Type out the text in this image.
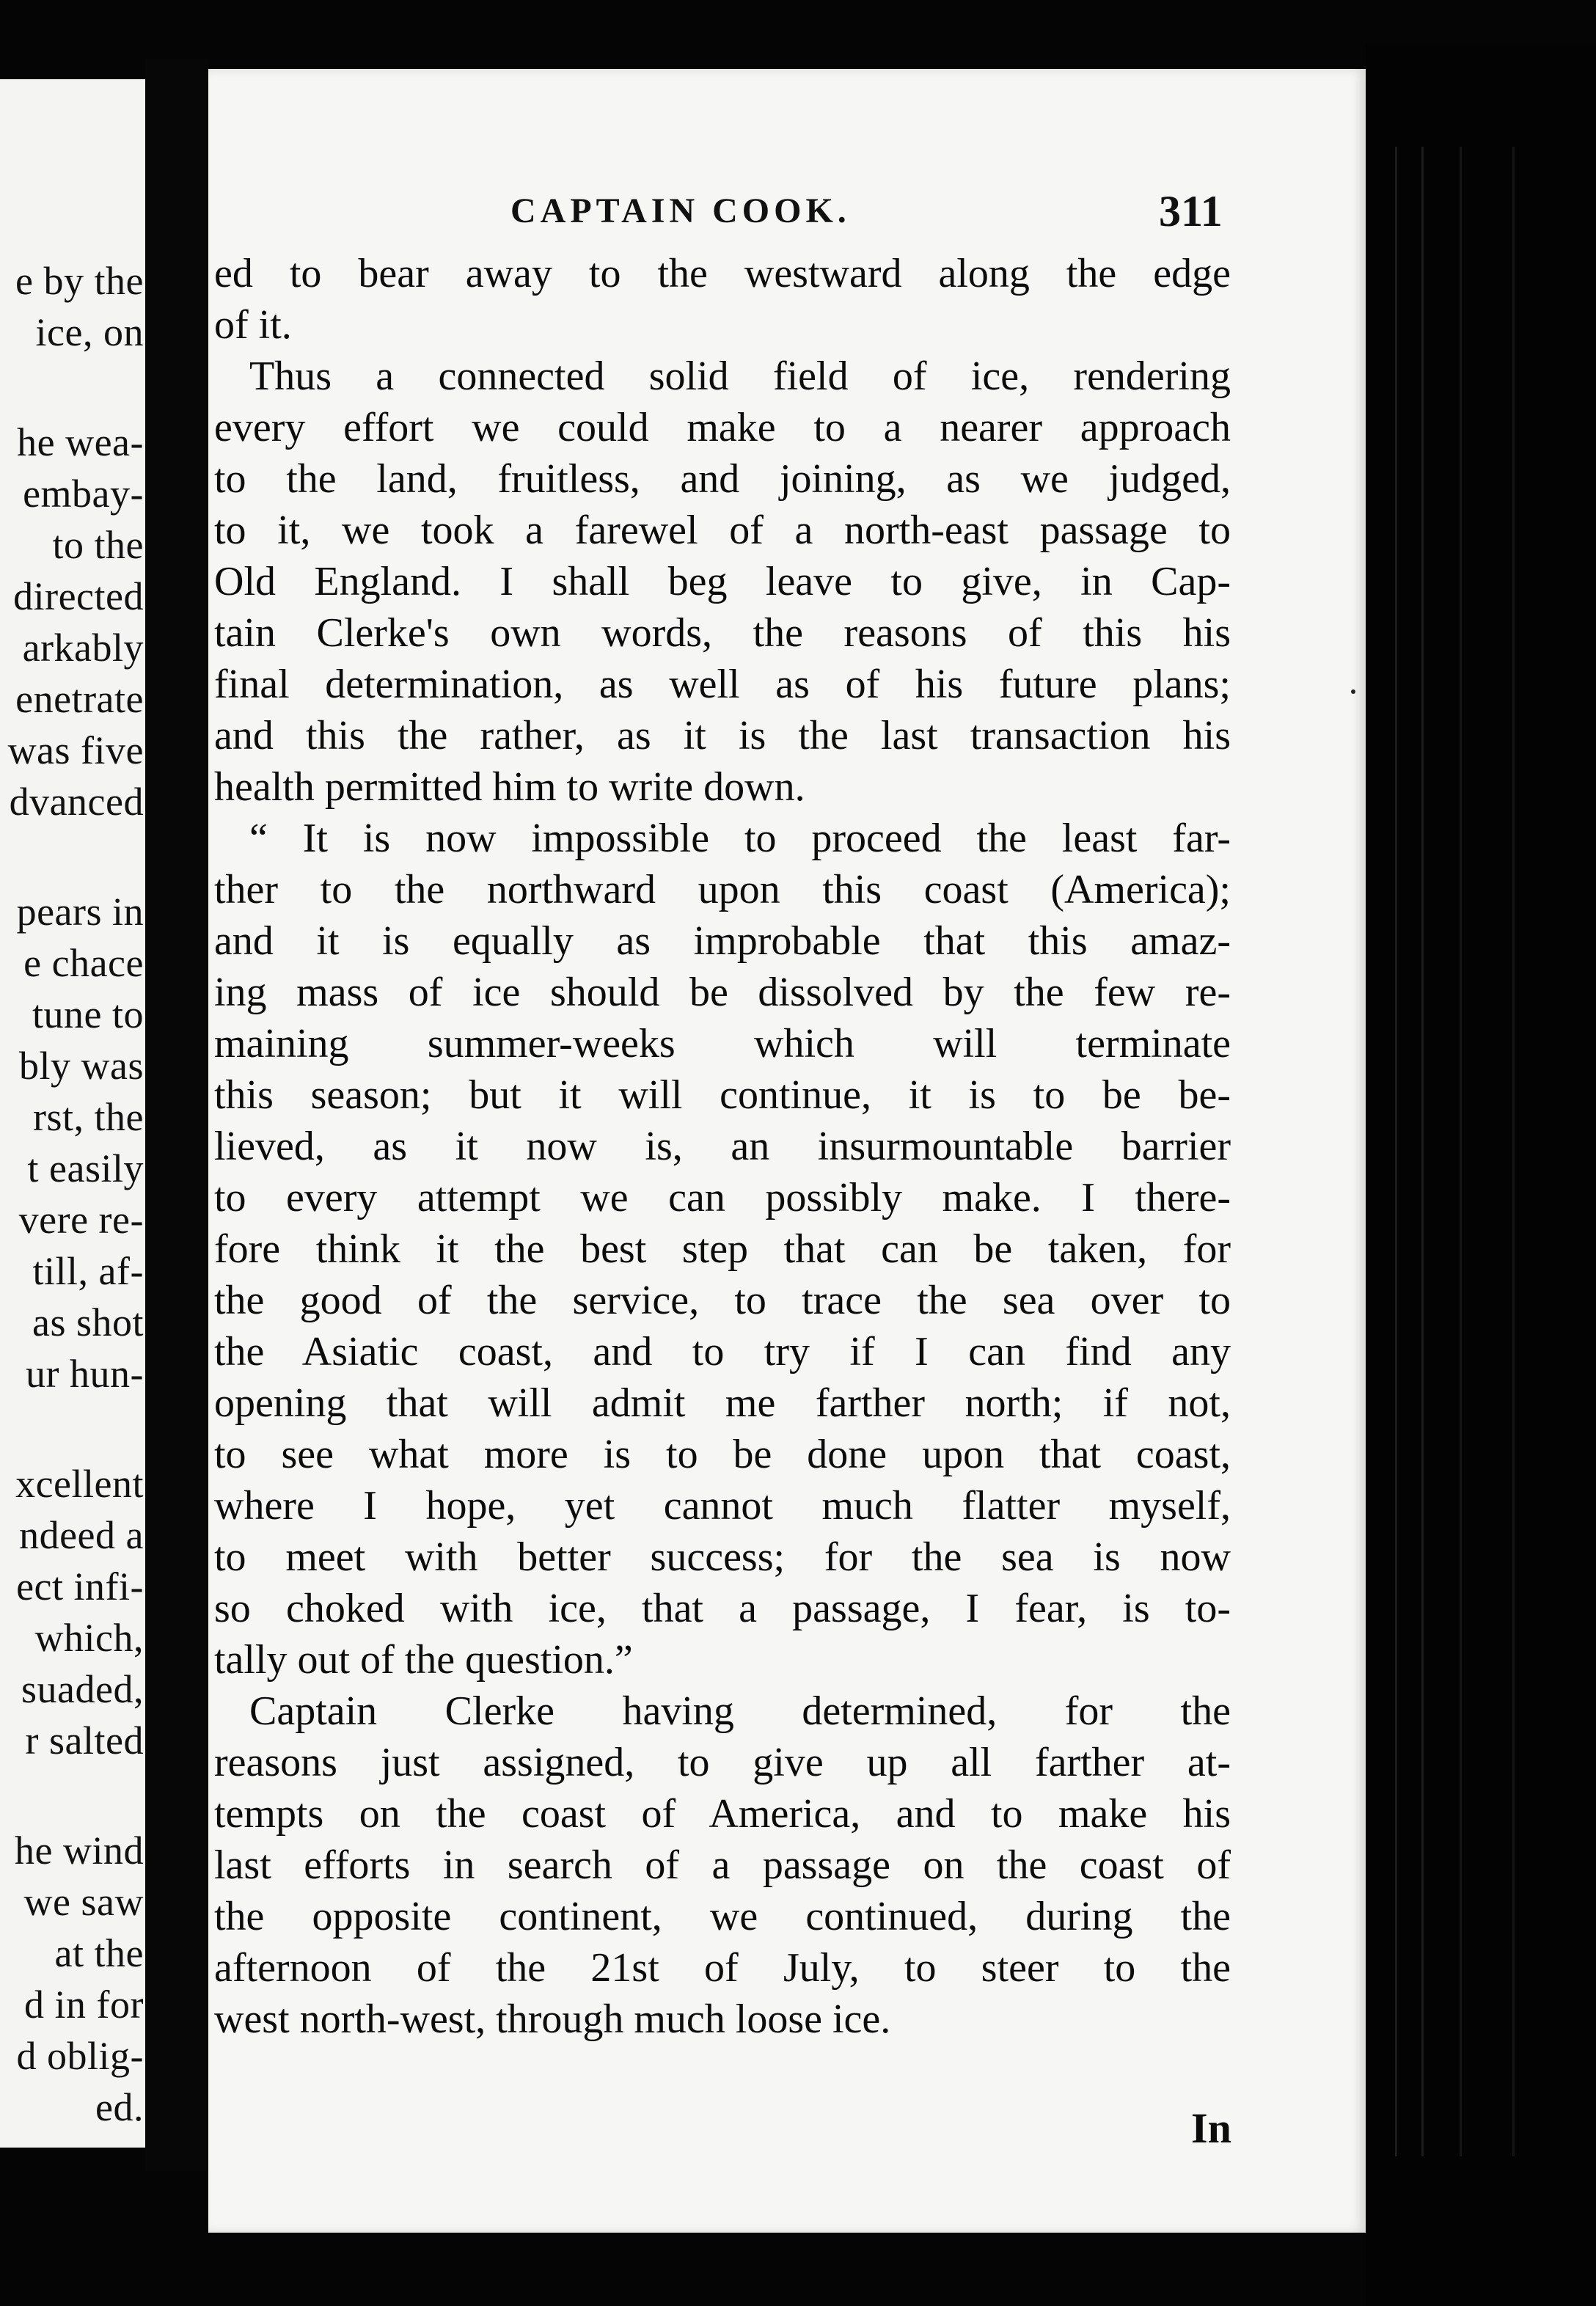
e by the
ice, on
he wea-
embay-
to the
directed
arkably
enetrate
was five
dvanced
pears in
e chace
tune to
bly was
rst, the
t easily
vere re-
till, af-
as shot
ur hun-
xcellent
ndeed a
ect infi-
which,
suaded,
r salted
he wind
we saw
at the
d in for
d oblig-
ed.
CAPTAIN COOK.	311
ed to bear away to the westward along the edge
of it.
Thus a connected solid field of ice, rendering
every effort we could make to a nearer approach
to the land, fruitless, and joining, as we judged,
to it, we took a farewel of a north-east passage to
Old England. I shall beg leave to give, in Cap-
tain Clerke's own words, the reasons of this his
final determination, as well as of his future plans;
and this the rather, as it is the last transaction his
health permitted him to write down.
“ It is now impossible to proceed the least far-
ther to the northward upon this coast (America);
and it is equally as improbable that this amaz-
ing mass of ice should be dissolved by the few re-
maining summer-weeks which will terminate
this season; but it will continue, it is to be be-
lieved, as it now is, an insurmountable barrier
to every attempt we can possibly make. I there-
fore think it the best step that can be taken, for
the good of the service, to trace the sea over to
the Asiatic coast, and to try if I can find any
opening that will admit me farther north; if not,
to see what more is to be done upon that coast,
where I hope, yet cannot much flatter myself,
to meet with better success; for the sea is now
so choked with ice, that a passage, I fear, is to-
tally out of the question.”
Captain Clerke having determined, for the
reasons just assigned, to give up all farther at-
tempts on the coast of America, and to make his
last efforts in search of a passage on the coast of
the opposite continent, we continued, during the
afternoon of the 21st of July, to steer to the
west north-west, through much loose ice.
In
